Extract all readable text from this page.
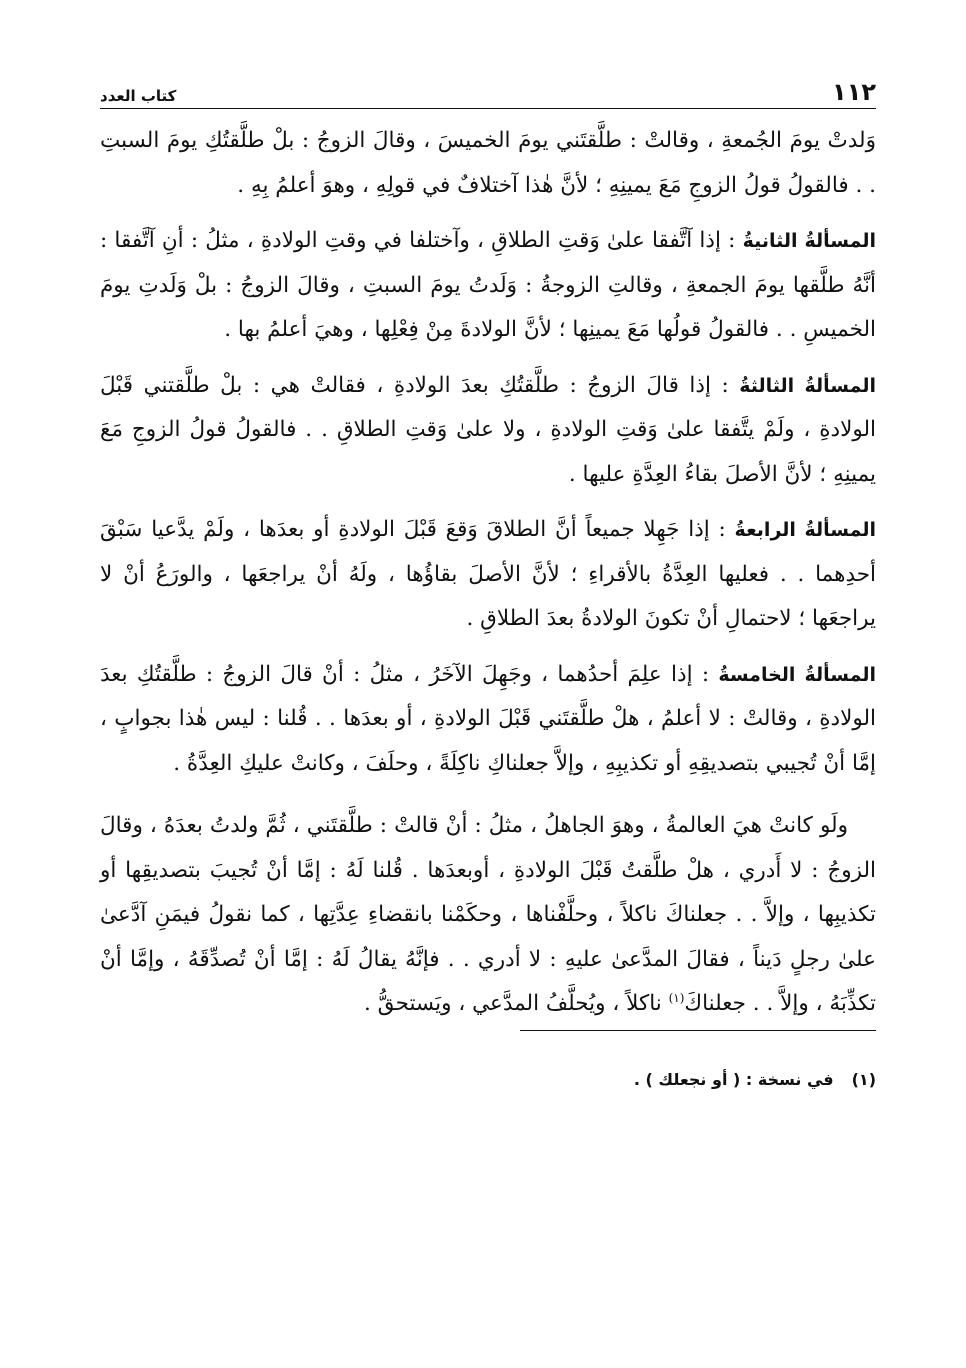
١١٢
كتاب العدد

وَلدتْ يومَ الجُمعةِ ، وقالتْ : طلَّقتَني يومَ الخميسَ ، وقالَ الزوجُ : بلْ طلَّقتُكِ يومَ السبتِ . . فالقولُ قولُ الزوجِ مَعَ يمينِهِ ؛ لأنَّ هٰذا آختلافٌ في قولِهِ ، وهوَ أعلمُ بِهِ .

المسألةُ الثانيةُ : إذا آتَّفقا علىٰ وَقتِ الطلاقِ ، وآختلفا في وقتِ الولادةِ ، مثلُ : أنِ آتَّفقا : أنَّهُ طلَّقها يومَ الجمعةِ ، وقالتِ الزوجةُ : وَلَدتُ يومَ السبتِ ، وقالَ الزوجُ : بلْ وَلَدتِ يومَ الخميسِ . . فالقولُ قولُها مَعَ يمينِها ؛ لأنَّ الولادةَ مِنْ فِعْلِها ، وهيَ أعلمُ بها .

المسألةُ الثالثةُ : إذا قالَ الزوجُ : طلَّقتُكِ بعدَ الولادةِ ، فقالتْ هي : بلْ طلَّقتني قَبْلَ الولادةِ ، ولَمْ يتَّفقا علىٰ وَقتِ الولادةِ ، ولا علىٰ وَقتِ الطلاقِ . . فالقولُ قولُ الزوجِ مَعَ يمينِهِ ؛ لأنَّ الأصلَ بقاءُ العِدَّةِ عليها .

المسألةُ الرابعةُ : إذا جَهِلا جميعاً أنَّ الطلاقَ وَقعَ قَبْلَ الولادةِ أو بعدَها ، ولَمْ يدَّعيا سَبْقَ أحدِهما . . فعليها العِدَّةُ بالأقراءِ ؛ لأنَّ الأصلَ بقاؤُها ، ولَهُ أنْ يراجعَها ، والورَعُ أنْ لا يراجعَها ؛ لاحتمالِ أنْ تكونَ الولادةُ بعدَ الطلاقِ .

المسألةُ الخامسةُ : إذا علِمَ أحدُهما ، وجَهِلَ الآخَرُ ، مثلُ : أنْ قالَ الزوجُ : طلَّقتُكِ بعدَ الولادةِ ، وقالتْ : لا أعلمُ ، هلْ طلَّقتَني قَبْلَ الولادةِ ، أو بعدَها . . قُلنا : ليس هٰذا بجوابٍ ، إمَّا أنْ تُجيبي بتصديقِهِ أو تكذيبِهِ ، وإلاَّ جعلناكِ ناكِلَةً ، وحلَفَ ، وكانتْ عليكِ العِدَّةُ .

ولَو كانتْ هيَ العالمةُ ، وهوَ الجاهلُ ، مثلُ : أنْ قالتْ : طلَّقتَني ، ثُمَّ ولدتُ بعدَهُ ، وقالَ الزوجُ : لا أَدري ، هلْ طلَّقتُ قَبْلَ الولادةِ ، أوبعدَها . قُلنا لَهُ : إمَّا أنْ تُجيبَ بتصديقِها أو تكذيبِها ، وإلاَّ . . جعلناكَ ناكلاً ، وحلَّفْناها ، وحكَمْنا بانقضاءِ عِدَّتِها ، كما نقولُ فيمَنِ آدَّعىٰ علىٰ رجلٍ دَيناً ، فقالَ المدَّعىٰ عليهِ : لا أدري . . فإنَّهُ يقالُ لَهُ : إمَّا أنْ تُصدِّقَهُ ، وإمَّا أنْ تكذِّبَهُ ، وإلاَّ . . جعلناكَ$^{(١)}$ ناكلاً ، ويُحلَّفُ المدَّعي ، ويَستحقُّ .

(١)في نسخة : ( أو نجعلك ) .
